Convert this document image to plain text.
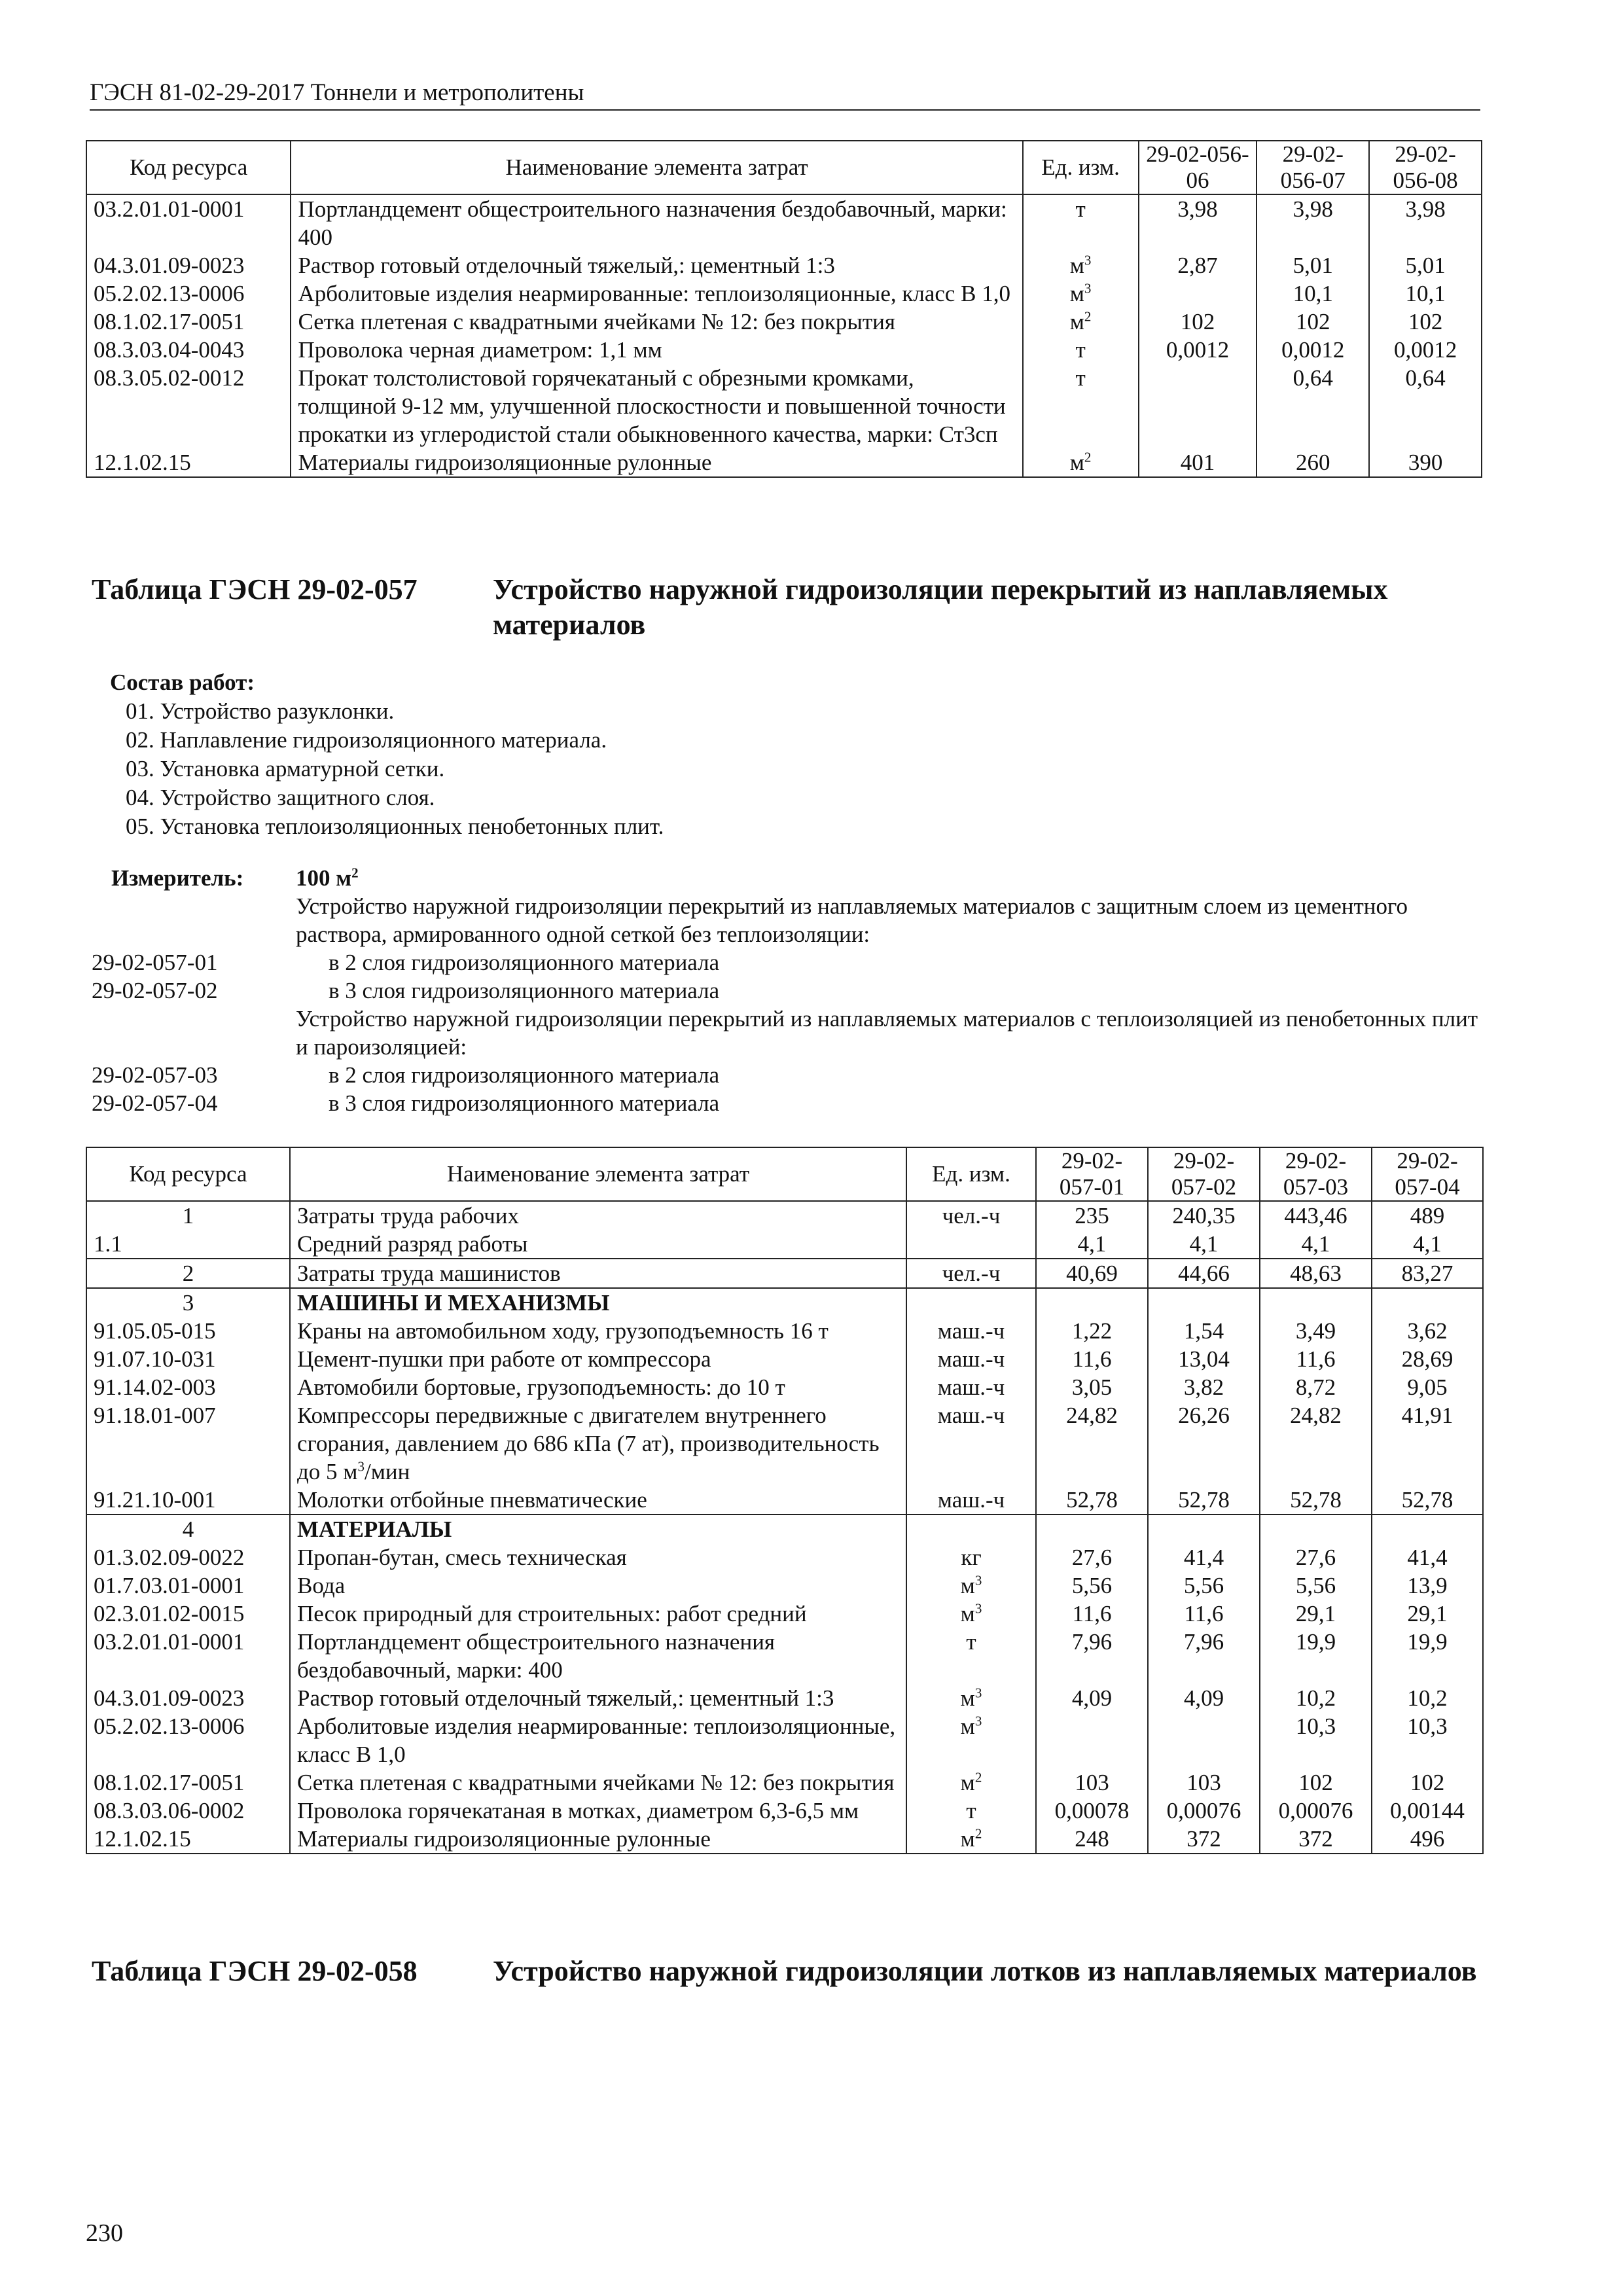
ГЭСН 81-02-29-2017 Тоннели и метрополитены
Код ресурса	Наименование элемента затрат	Ед. изм.	29-02-056-06	29-02-056-07	29-02-056-08
03.2.01.01-0001	Портландцемент общестроительного назначения бездобавочный, марки: 400	т	3,98	3,98	3,98
04.3.01.09-0023	Раствор готовый отделочный тяжелый,: цементный 1:3	$м^3$	2,87	5,01	5,01
05.2.02.13-0006	Арболитовые изделия неармированные: теплоизоляционные, класс В 1,0	$м^3$		10,1	10,1
08.1.02.17-0051	Сетка плетеная с квадратными ячейками № 12: без покрытия	$м^2$	102	102	102
08.3.03.04-0043	Проволока черная диаметром: 1,1 мм	т	0,0012	0,0012	0,0012
08.3.05.02-0012	Прокат толстолистовой горячекатаный с обрезными кромками, толщиной 9-12 мм, улучшенной плоскостности и повышенной точности прокатки из углеродистой стали обыкновенного качества, марки: Ст3сп	т		0,64	0,64
12.1.02.15	Материалы гидроизоляционные рулонные	$м^2$	401	260	390
Таблица ГЭСН 29-02-057	Устройство наружной гидроизоляции перекрытий из наплавляемых материалов
Состав работ:
01. Устройство разуклонки.
02. Наплавление гидроизоляционного материала.
03. Установка арматурной сетки.
04. Устройство защитного слоя.
05. Установка теплоизоляционных пенобетонных плит.
Измеритель: 100 $м^2$
Устройство наружной гидроизоляции перекрытий из наплавляемых материалов с защитным слоем из цементного раствора, армированного одной сеткой без теплоизоляции:
29-02-057-01	в 2 слоя гидроизоляционного материала
29-02-057-02	в 3 слоя гидроизоляционного материала
Устройство наружной гидроизоляции перекрытий из наплавляемых материалов с теплоизоляцией из пенобетонных плит и пароизоляцией:
29-02-057-03	в 2 слоя гидроизоляционного материала
29-02-057-04	в 3 слоя гидроизоляционного материала
Код ресурса	Наименование элемента затрат	Ед. изм.	29-02-057-01	29-02-057-02	29-02-057-03	29-02-057-04
1	Затраты труда рабочих	чел.-ч	235	240,35	443,46	489
1.1	Средний разряд работы		4,1	4,1	4,1	4,1
2	Затраты труда машинистов	чел.-ч	40,69	44,66	48,63	83,27
3	МАШИНЫ И МЕХАНИЗМЫ					
91.05.05-015	Краны на автомобильном ходу, грузоподъемность 16 т	маш.-ч	1,22	1,54	3,49	3,62
91.07.10-031	Цемент-пушки при работе от компрессора	маш.-ч	11,6	13,04	11,6	28,69
91.14.02-003	Автомобили бортовые, грузоподъемность: до 10 т	маш.-ч	3,05	3,82	8,72	9,05
91.18.01-007	Компрессоры передвижные с двигателем внутреннего сгорания, давлением до 686 кПа (7 ат), производительность до 5 $м^3$/мин	маш.-ч	24,82	26,26	24,82	41,91
91.21.10-001	Молотки отбойные пневматические	маш.-ч	52,78	52,78	52,78	52,78
4	МАТЕРИАЛЫ					
01.3.02.09-0022	Пропан-бутан, смесь техническая	кг	27,6	41,4	27,6	41,4
01.7.03.01-0001	Вода	$м^3$	5,56	5,56	5,56	13,9
02.3.01.02-0015	Песок природный для строительных: работ средний	$м^3$	11,6	11,6	29,1	29,1
03.2.01.01-0001	Портландцемент общестроительного назначения бездобавочный, марки: 400	т	7,96	7,96	19,9	19,9
04.3.01.09-0023	Раствор готовый отделочный тяжелый,: цементный 1:3	$м^3$	4,09	4,09	10,2	10,2
05.2.02.13-0006	Арболитовые изделия неармированные: теплоизоляционные, класс В 1,0	$м^3$			10,3	10,3
08.1.02.17-0051	Сетка плетеная с квадратными ячейками № 12: без покрытия	$м^2$	103	103	102	102
08.3.03.06-0002	Проволока горячекатаная в мотках, диаметром 6,3-6,5 мм	т	0,00078	0,00076	0,00076	0,00144
12.1.02.15	Материалы гидроизоляционные рулонные	$м^2$	248	372	372	496
Таблица ГЭСН 29-02-058	Устройство наружной гидроизоляции лотков из наплавляемых материалов
230
